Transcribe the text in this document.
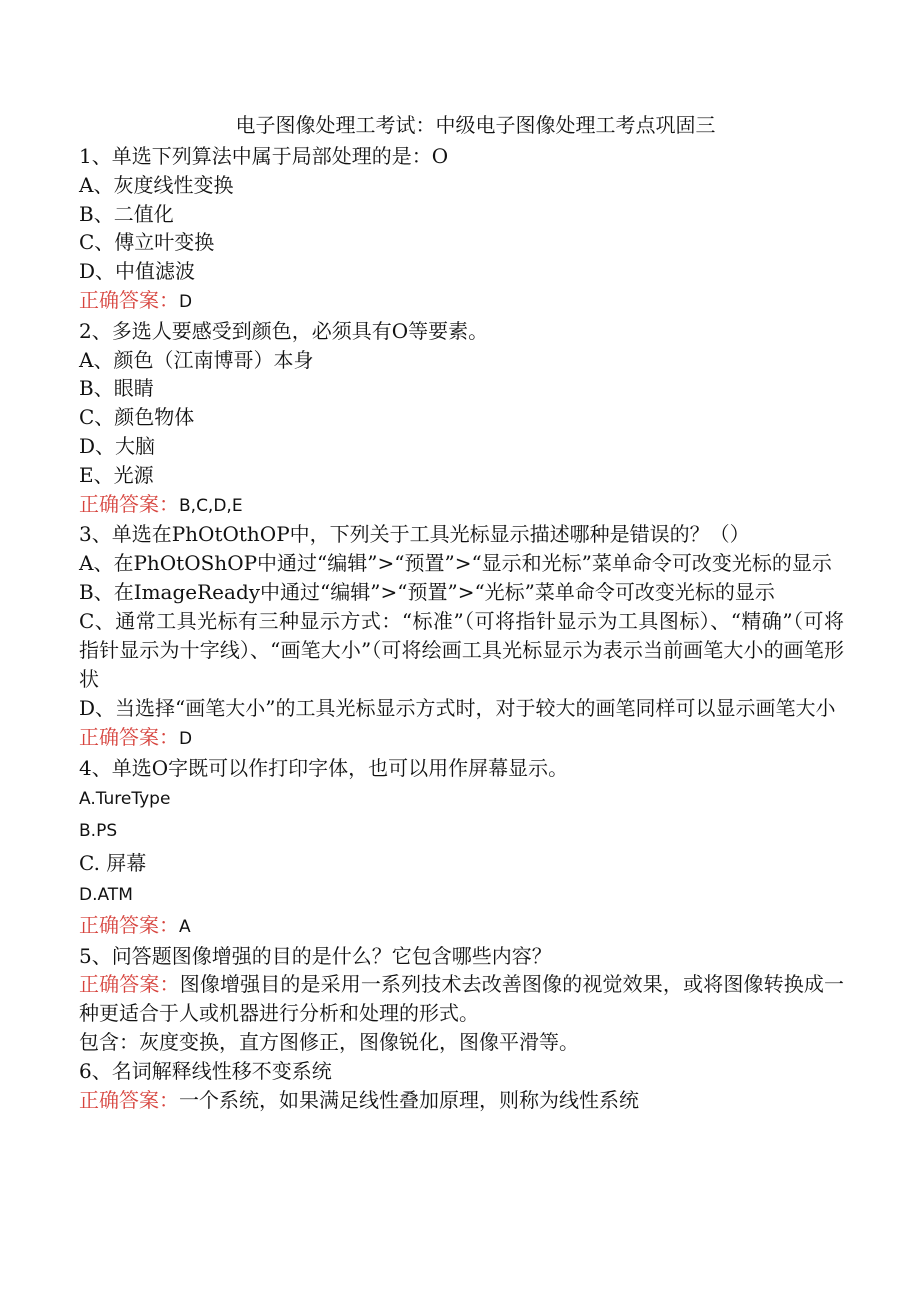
电子图像处理工考试：中级电子图像处理工考点巩固三
1、单选下列算法中属于局部处理的是：O
A、灰度线性变换
B、二值化
C、傅立叶变换
D、中值滤波
正确答案：D
2、多选人要感受到颜色，必须具有O等要素。
A、颜色（江南博哥）本身
B、眼睛
C、颜色物体
D、大脑
E、光源
正确答案：B,C,D,E
3、单选在PhOtOthOP中，下列关于工具光标显示描述哪种是错误的？（）
A、在PhOtOShOP中通过“编辑”>“预置”>“显示和光标”菜单命令可改变光标的显示
B、在ImageReady中通过“编辑”>“预置”>“光标”菜单命令可改变光标的显示
C、通常工具光标有三种显示方式：“标准”（可将指针显示为工具图标）、“精确”（可将指针显示为十字线）、“画笔大小”（可将绘画工具光标显示为表示当前画笔大小的画笔形状
D、当选择“画笔大小”的工具光标显示方式时，对于较大的画笔同样可以显示画笔大小
正确答案：D
4、单选O字既可以作打印字体，也可以用作屏幕显示。
A.TureType
B.PS
C. 屏幕
D.ATM
正确答案：A
5、问答题图像增强的目的是什么？它包含哪些内容？
正确答案：图像增强目的是采用一系列技术去改善图像的视觉效果，或将图像转换成一种更适合于人或机器进行分析和处理的形式。
包含：灰度变换，直方图修正，图像锐化，图像平滑等。
6、名词解释线性移不变系统
正确答案：一个系统，如果满足线性叠加原理，则称为线性系统
